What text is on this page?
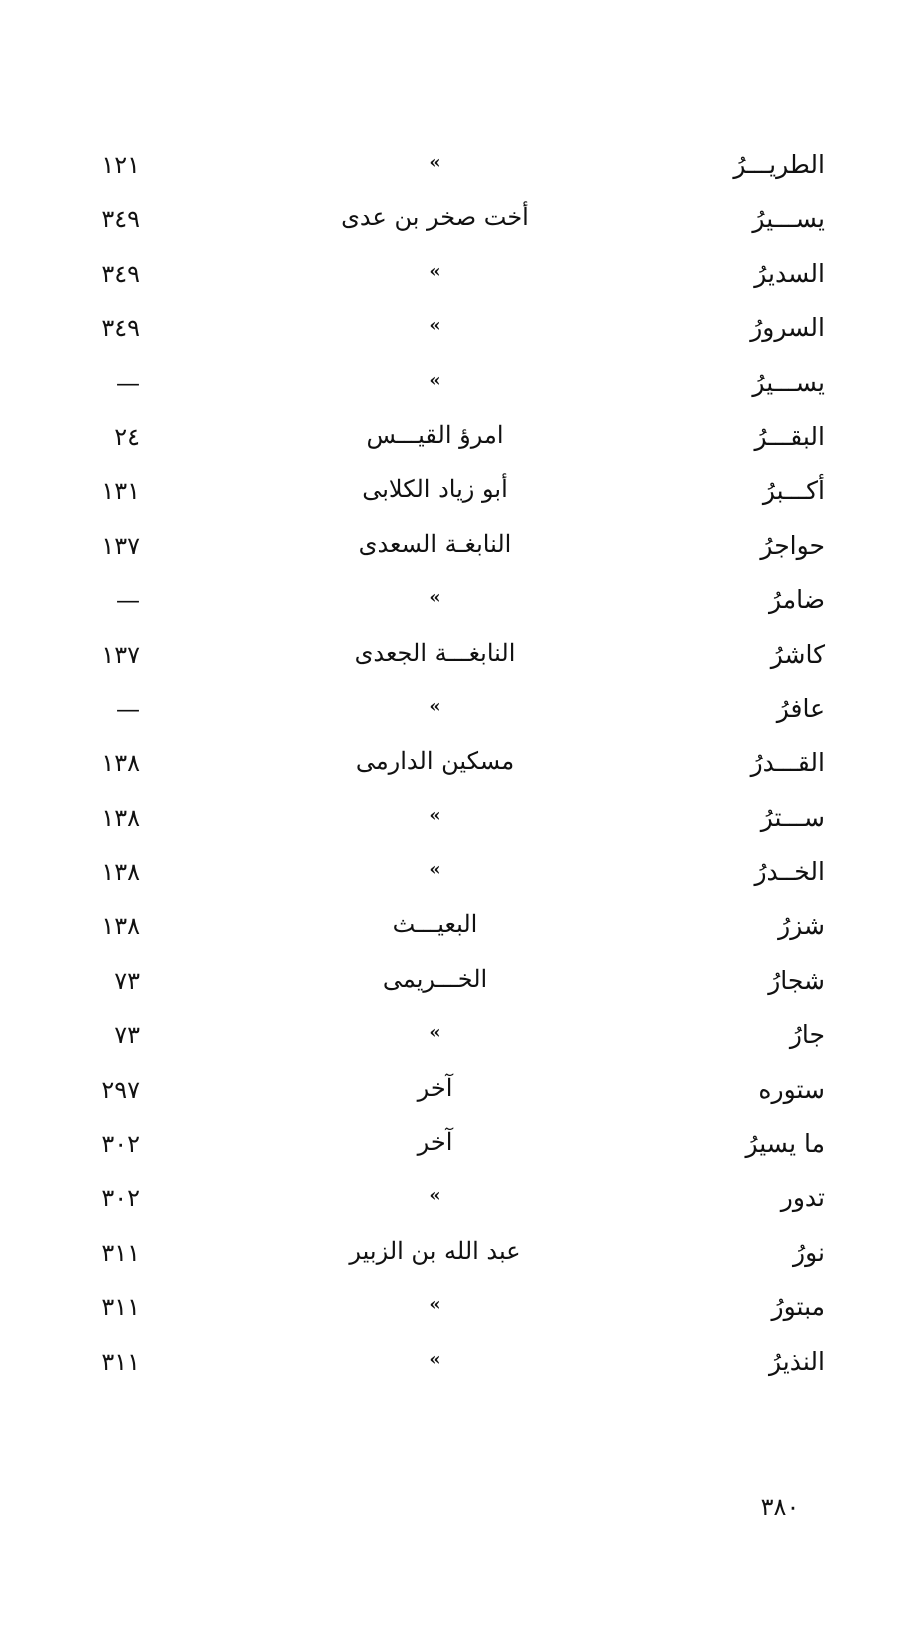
الطريـــرُ
»
١٢١
يســـيرُ
أخت صخر بن عدى
٣٤٩
السديرُ
»
٣٤٩
السرورُ
»
٣٤٩
يســـيرُ
»
—
البقـــرُ
امرؤ القيـــس
٢٤
أكـــبرُ
أبو زياد الكلابى
١٣١
حواجرُ
النابغـة السعدى
١٣٧
ضامرُ
»
—
كاشرُ
النابغـــة الجعدى
١٣٧
عافرُ
»
—
القـــدرُ
مسكين الدارمى
١٣٨
ســـترُ
»
١٣٨
الخــدرُ
»
١٣٨
شزرُ
البعيـــث
١٣٨
شجارُ
الخـــريمى
٧٣
جارُ
»
٧٣
ستوره
آخر
٢٩٧
ما يسيرُ
آخر
٣٠٢
تدور
»
٣٠٢
نورُ
عبد الله بن الزبير
٣١١
مبتورُ
»
٣١١
النذيرُ
»
٣١١
٣٨٠
